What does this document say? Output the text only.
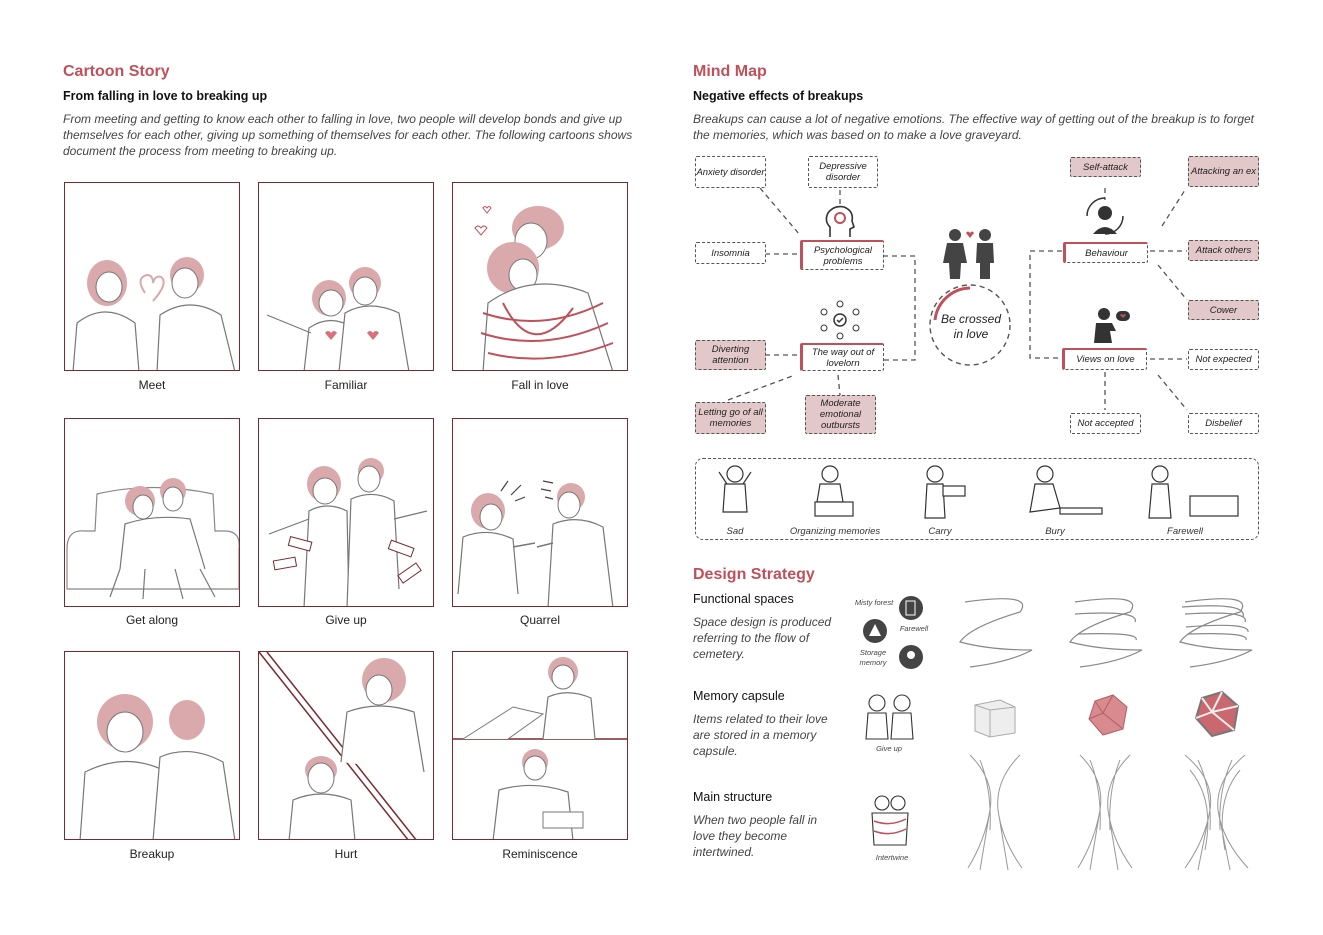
Cartoon Story
From falling in love to breaking up
From meeting and getting to know each other to falling in love, two people will develop bonds and give up themselves for each other, giving up something of themselves for each other. The following cartoons shows document the process from meeting to breaking up.
Meet	Familiar	Fall in love
Get along	Give up	Quarrel
Breakup	Hurt	Reminiscence
Mind Map
Negative effects of breakups
Breakups can cause a lot of negative emotions. The effective way of getting out of the breakup is to forget the memories, which was based on to make a love graveyard.
Anxiety disorder	Depressive disorder
Insomnia	Psychological problems
Diverting attention
The way out of lovelorn
Letting go of all memories
Moderate emotional outbursts
Self-attack	Attacking an ex
Behaviour	Attack others
Cower
Views on love	Not expected
Not accepted	Disbelief
Be crossed in love
Sad	Organizing memories	Carry	Bury	Farewell
Design Strategy
Functional spaces
Space design is produced referring to the flow of cemetery.
Memory capsule
Items related to their love are stored in a memory capsule.
Main structure
When two people fall in love they become intertwined.
Misty forest
Farewell
Storage memory
Give up
Intertwine
